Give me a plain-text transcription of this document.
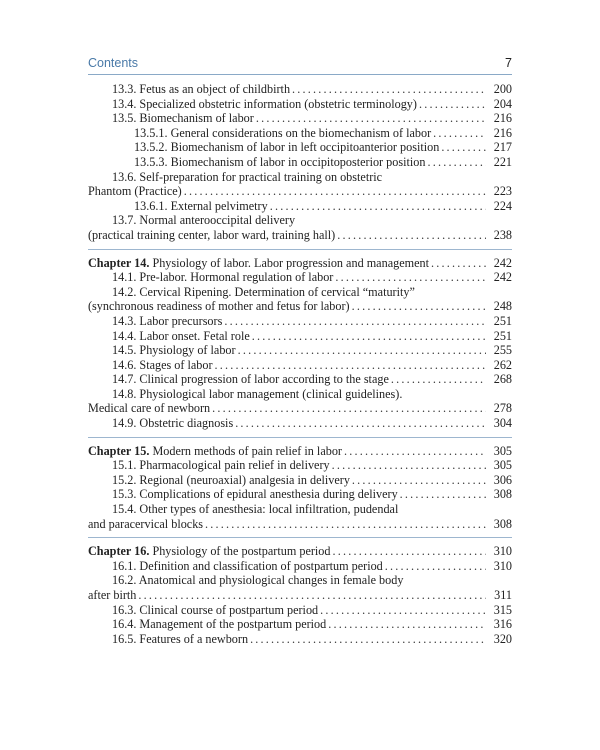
Contents	7
13.3. Fetus as an object of childbirth .....	200
13.4. Specialized obstetric information (obstetric terminology) .....	204
13.5. Biomechanism of labor .....	216
13.5.1. General considerations on the biomechanism of labor .....	216
13.5.2. Biomechanism of labor in left occipitoanterior position .....	217
13.5.3. Biomechanism of labor in occipitoposterior position .....	221
13.6. Self-preparation for practical training on obstetric
Phantom (Practice) .....	223
13.6.1. External pelvimetry .....	224
13.7. Normal anterooccipital delivery
(practical training center, labor ward, training hall) .....	238
Chapter 14. Physiology of labor. Labor progression and management .....	242
14.1. Pre-labor. Hormonal regulation of labor .....	242
14.2. Cervical Ripening. Determination of cervical “maturity”
(synchronous readiness of mother and fetus for labor) .....	248
14.3. Labor precursors .....	251
14.4. Labor onset. Fetal role .....	251
14.5. Physiology of labor .....	255
14.6. Stages of labor .....	262
14.7. Clinical progression of labor according to the stage .....	268
14.8. Physiological labor management (clinical guidelines).
Medical care of newborn .....	278
14.9. Obstetric diagnosis .....	304
Chapter 15. Modern methods of pain relief in labor .....	305
15.1. Pharmacological pain relief in delivery .....	305
15.2. Regional (neuroaxial) analgesia in delivery .....	306
15.3. Complications of epidural anesthesia during delivery .....	308
15.4. Other types of anesthesia: local infiltration, pudendal
and paracervical blocks .....	308
Chapter 16. Physiology of the postpartum period .....	310
16.1. Definition and classification of postpartum period .....	310
16.2. Anatomical and physiological changes in female body
after birth .....	311
16.3. Clinical course of postpartum period .....	315
16.4. Management of the postpartum period .....	316
16.5. Features of a newborn .....	320
